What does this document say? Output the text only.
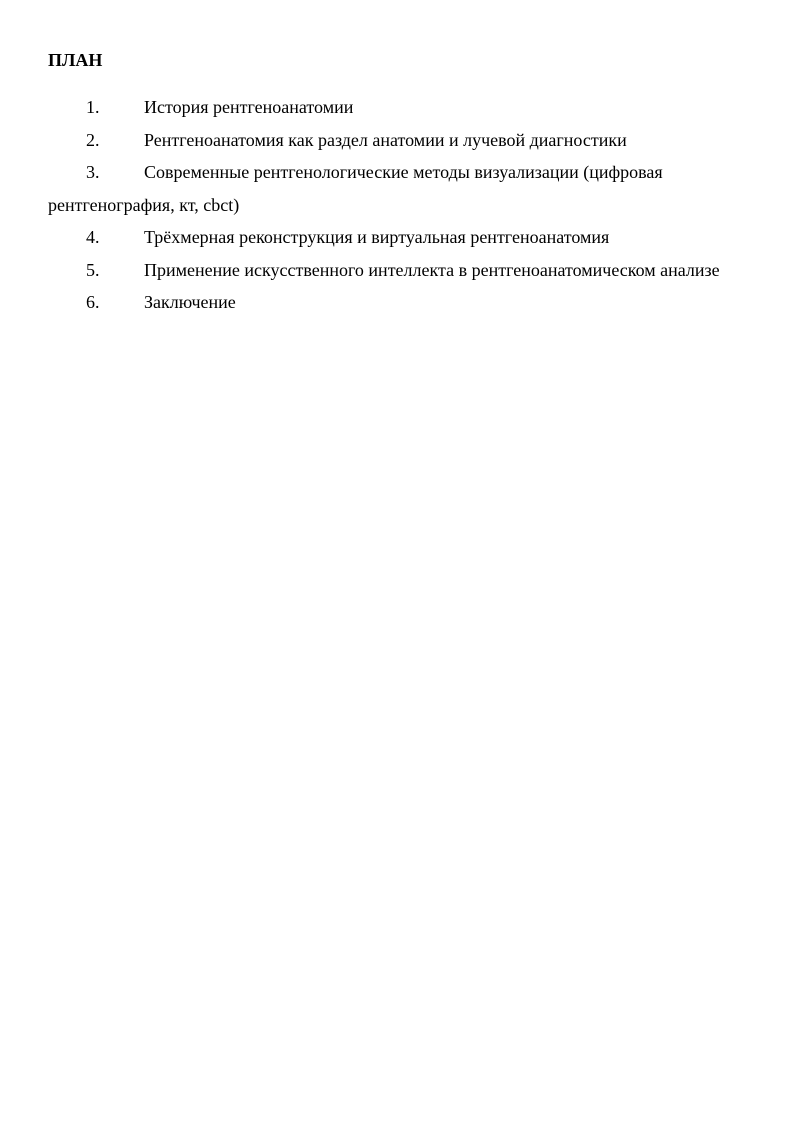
ПЛАН
1.	История рентгеноанатомии
2.	Рентгеноанатомия как раздел анатомии и лучевой диагностики
3.	Современные рентгенологические методы визуализации (цифровая рентгенография, кт, cbct)
4.	Трёхмерная реконструкция и виртуальная рентгеноанатомия
5.	Применение искусственного интеллекта в рентгеноанатомическом анализе
6.	Заключение
